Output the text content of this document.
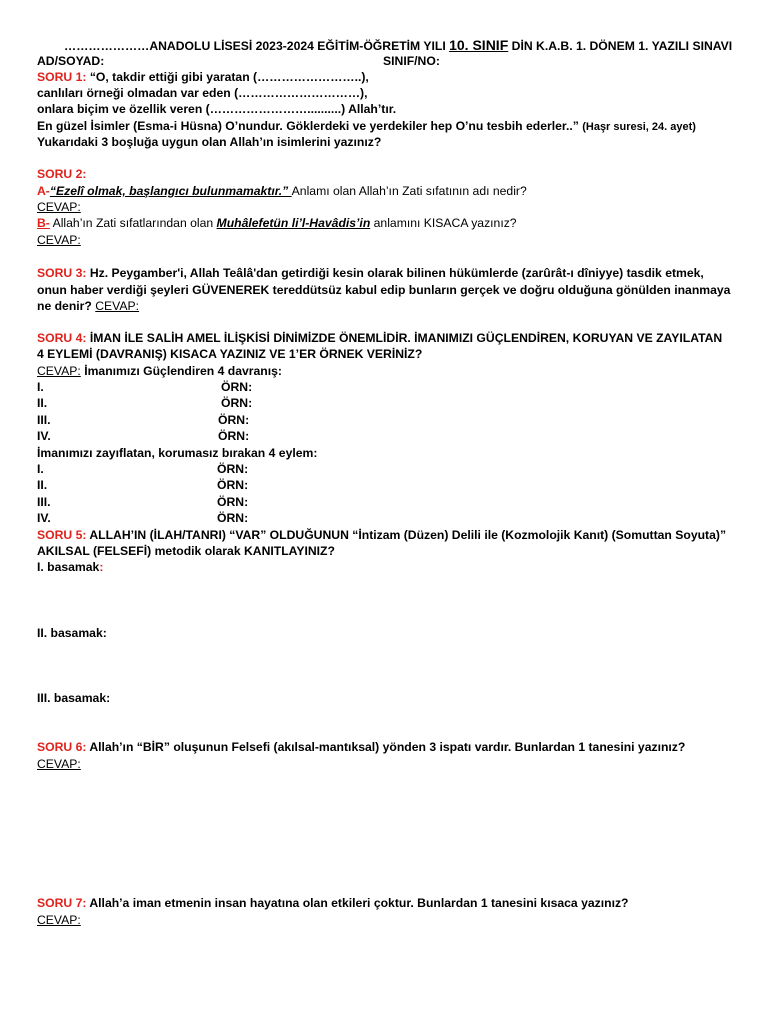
…………………ANADOLU LİSESİ 2023-2024 EĞİTİM-ÖĞRETİM YILI 10. SINIF DİN K.A.B. 1. DÖNEM 1. YAZILI SINAVI
AD/SOYAD:	SINIF/NO:
SORU 1: “O, takdir ettiği gibi yaratan (……………………..),
canlıları örneği olmadan var eden (…………………………),
onlara biçim ve özellik veren (……………………..........) Allah’tır.
En güzel İsimler (Esma-i Hüsna) O’nundur. Göklerdeki ve yerdekiler hep O’nu tesbih ederler..” (Haşr suresi, 24. ayet)
Yukarıdaki 3 boşluğa uygun olan Allah’ın isimlerini yazınız?
SORU 2:
A-“Ezelî olmak, başlangıcı bulunmamaktır.” Anlamı olan Allah’ın Zati sıfatının adı nedir?
CEVAP:
B- Allah’ın Zati sıfatlarından olan Muhâlefetün li’l-Havâdis’in anlamını KISACA yazınız?
CEVAP:
SORU 3: Hz. Peygamber'i, Allah Teâlâ'dan getirdiği kesin olarak bilinen hükümlerde (zarûrât-ı dîniyye) tasdik etmek,
onun haber verdiği şeyleri GÜVENEREK tereddütsüz kabul edip bunların gerçek ve doğru olduğuna gönülden inanmaya
ne denir? CEVAP:
SORU 4: İMAN İLE SALİH AMEL İLİŞKİSİ DİNİMİZDE ÖNEMLİDİR. İMANIMIZI GÜÇLENDİREN, KORUYAN VE ZAYILATAN
4 EYLEMİ (DAVRANIŞ) KISACA YAZINIZ VE 1’ER ÖRNEK VERİNİZ?
CEVAP: İmanımızı Güçlendiren 4 davranış:
I.	ÖRN:
II.	ÖRN:
III.	ÖRN:
IV.	ÖRN:
İmanımızı zayıflatan, korumasız bırakan 4 eylem:
I.	ÖRN:
II.	ÖRN:
III.	ÖRN:
IV.	ÖRN:
SORU 5: ALLAH’IN (İLAH/TANRI) “VAR” OLDUĞUNUN “İntizam (Düzen) Delili ile (Kozmolojik Kanıt) (Somuttan Soyuta)”
AKILSAL (FELSEFİ) metodik olarak KANITLAYINIZ?
I. basamak:
II. basamak:
III. basamak:
SORU 6: Allah’ın “BİR” oluşunun Felsefi (akılsal-mantıksal) yönden 3 ispatı vardır. Bunlardan 1 tanesini yazınız?
CEVAP:
SORU 7: Allah’a iman etmenin insan hayatına olan etkileri çoktur. Bunlardan 1 tanesini kısaca yazınız?
CEVAP:
